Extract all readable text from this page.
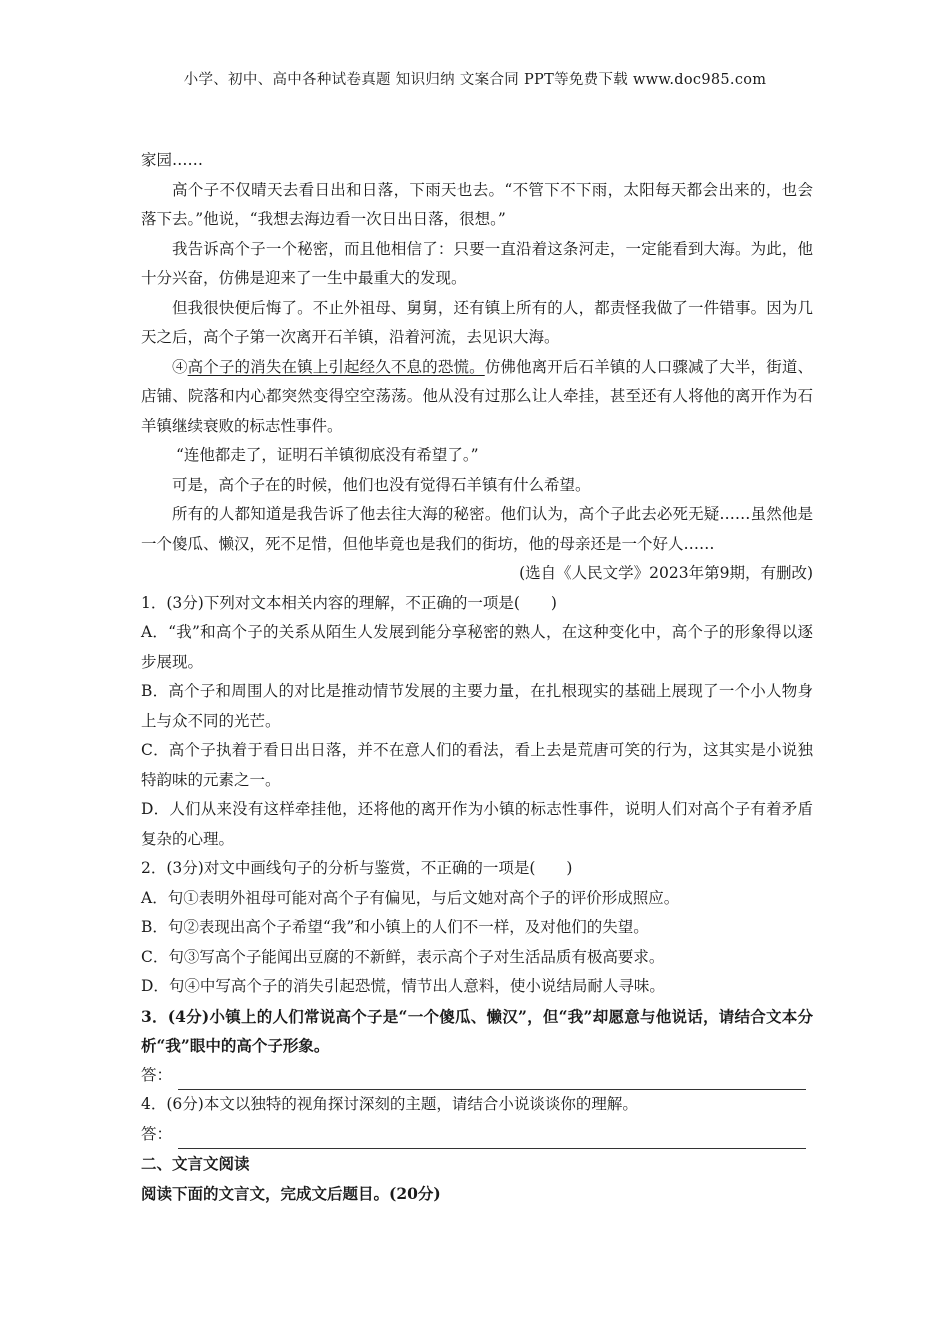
小学、初中、高中各种试卷真题 知识归纳 文案合同 PPT等免费下载 www.doc985.com
家园……
高个子不仅晴天去看日出和日落，下雨天也去。“不管下不下雨，太阳每天都会出来的，也会落下去。”他说，“我想去海边看一次日出日落，很想。”
我告诉高个子一个秘密，而且他相信了：只要一直沿着这条河走，一定能看到大海。为此，他十分兴奋，仿佛是迎来了一生中最重大的发现。
但我很快便后悔了。不止外祖母、舅舅，还有镇上所有的人，都责怪我做了一件错事。因为几天之后，高个子第一次离开石羊镇，沿着河流，去见识大海。
④高个子的消失在镇上引起经久不息的恐慌。仿佛他离开后石羊镇的人口骤减了大半，街道、店铺、院落和内心都突然变得空空荡荡。他从没有过那么让人牵挂，甚至还有人将他的离开作为石羊镇继续衰败的标志性事件。
“连他都走了，证明石羊镇彻底没有希望了。”
可是，高个子在的时候，他们也没有觉得石羊镇有什么希望。
所有的人都知道是我告诉了他去往大海的秘密。他们认为，高个子此去必死无疑……虽然他是一个傻瓜、懒汉，死不足惜，但他毕竟也是我们的街坊，他的母亲还是一个好人……
(选自《人民文学》2023年第9期，有删改)
1．(3分)下列对文本相关内容的理解，不正确的一项是(　　)
A．“我”和高个子的关系从陌生人发展到能分享秘密的熟人，在这种变化中，高个子的形象得以逐步展现。
B．高个子和周围人的对比是推动情节发展的主要力量，在扎根现实的基础上展现了一个小人物身上与众不同的光芒。
C．高个子执着于看日出日落，并不在意人们的看法，看上去是荒唐可笑的行为，这其实是小说独特韵味的元素之一。
D．人们从来没有这样牵挂他，还将他的离开作为小镇的标志性事件，说明人们对高个子有着矛盾复杂的心理。
2．(3分)对文中画线句子的分析与鉴赏，不正确的一项是(　　)
A．句①表明外祖母可能对高个子有偏见，与后文她对高个子的评价形成照应。
B．句②表现出高个子希望“我”和小镇上的人们不一样，及对他们的失望。
C．句③写高个子能闻出豆腐的不新鲜，表示高个子对生活品质有极高要求。
D．句④中写高个子的消失引起恐慌，情节出人意料，使小说结局耐人寻味。
3．(4分)小镇上的人们常说高个子是“一个傻瓜、懒汉”，但“我”却愿意与他说话，请结合文本分析“我”眼中的高个子形象。
答：
4．(6分)本文以独特的视角探讨深刻的主题，请结合小说谈谈你的理解。
答：
二、文言文阅读
阅读下面的文言文，完成文后题目。(20分)
